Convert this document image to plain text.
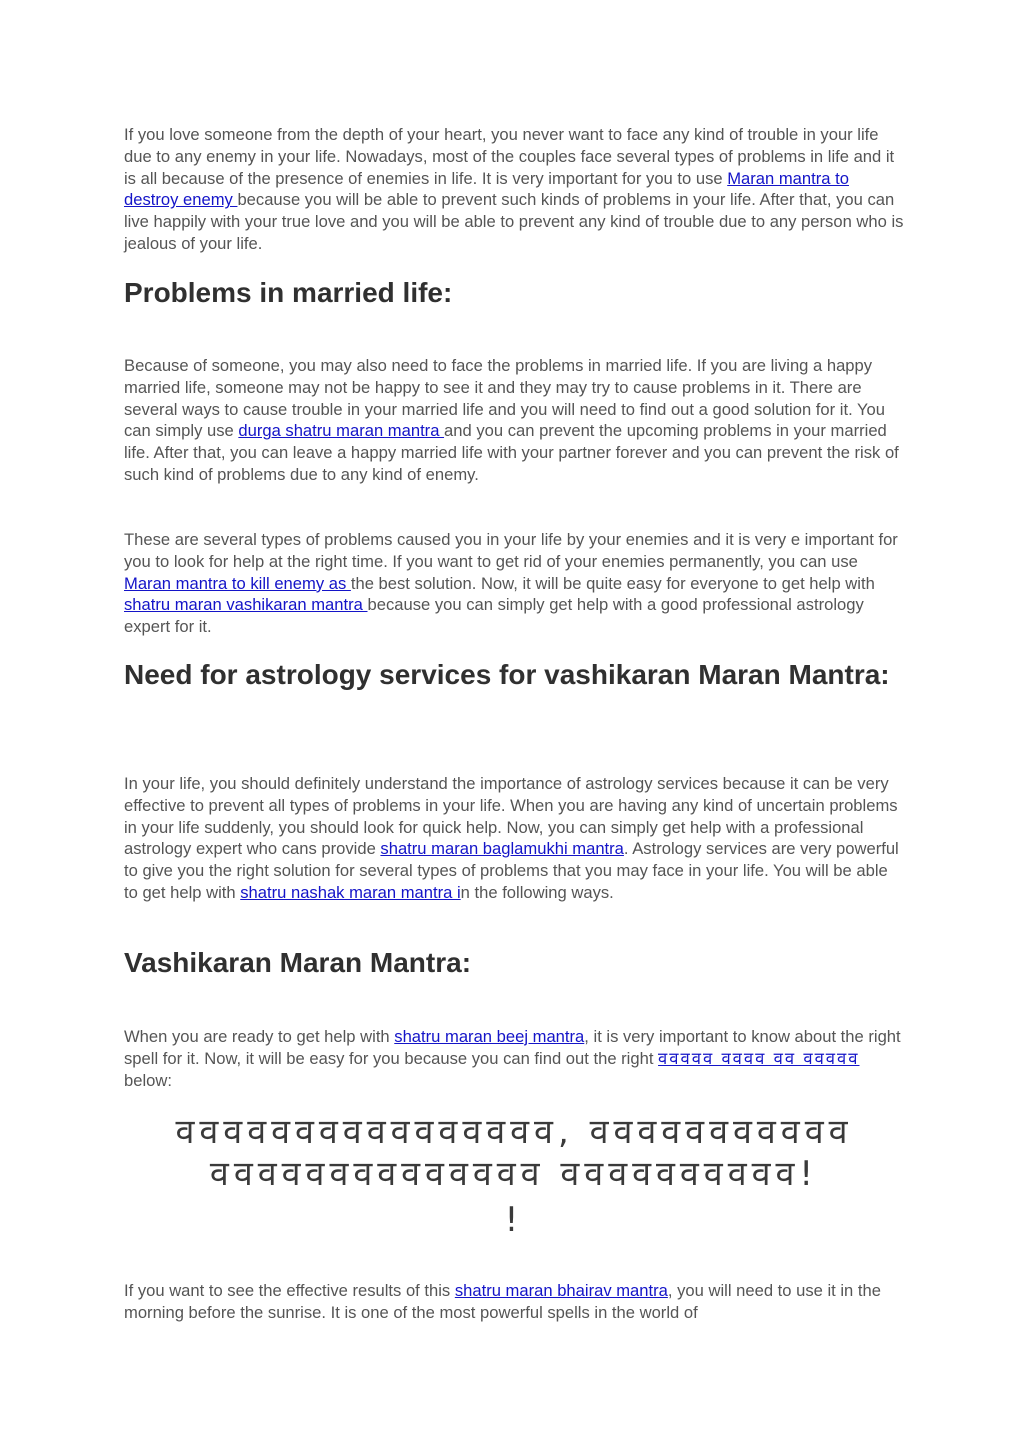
If you love someone from the depth of your heart, you never want to face any kind of trouble in your life due to any enemy in your life. Nowadays, most of the couples face several types of problems in life and it is all because of the presence of enemies in life. It is very important for you to use Maran mantra to destroy enemy because you will be able to prevent such kinds of problems in your life. After that, you can live happily with your true love and you will be able to prevent any kind of trouble due to any person who is jealous of your life.

Problems in married life:

Because of someone, you may also need to face the problems in married life. If you are living a happy married life, someone may not be happy to see it and they may try to cause problems in it. There are several ways to cause trouble in your married life and you will need to find out a good solution for it. You can simply use durga shatru maran mantra and you can prevent the upcoming problems in your married life. After that, you can leave a happy married life with your partner forever and you can prevent the risk of such kind of problems due to any kind of enemy.

These are several types of problems caused you in your life by your enemies and it is very e important for you to look for help at the right time. If you want to get rid of your enemies permanently, you can use Maran mantra to kill enemy as the best solution. Now, it will be quite easy for everyone to get help with shatru maran vashikaran mantra because you can simply get help with a good professional astrology expert for it.

Need for astrology services for vashikaran Maran Mantra:

In your life, you should definitely understand the importance of astrology services because it can be very effective to prevent all types of problems in your life. When you are having any kind of uncertain problems in your life suddenly, you should look for quick help. Now, you can simply get help with a professional astrology expert who cans provide shatru maran baglamukhi mantra. Astrology services are very powerful to give you the right solution for several types of problems that you may face in your life. You will be able to get help with shatru nashak maran mantra in the following ways.

Vashikaran Maran Mantra:

When you are ready to get help with shatru maran beej mantra, it is very important to know about the right spell for it. Now, it will be easy for you because you can find out the right ववववव वववव वव ववववव below:

वववववववववववववववव, ववववववववववव
वववववववववववववव वववववववववव!
!

If you want to see the effective results of this shatru maran bhairav mantra, you will need to use it in the morning before the sunrise. It is one of the most powerful spells in the world of
